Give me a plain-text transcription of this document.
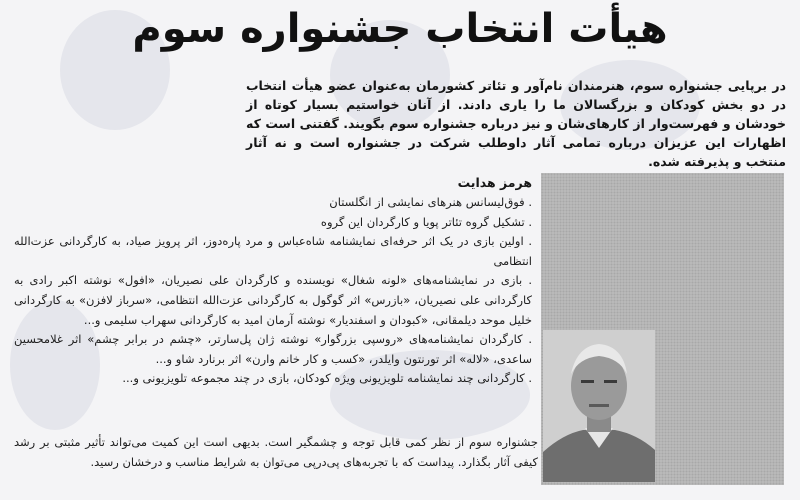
هیأت انتخاب جشنواره سوم
در برپایی جشنواره سوم، هنرمندان نام‌آور و تئاتر کشورمان به‌عنوان عضو هیأت انتخاب در دو بخش کودکان و بزرگسالان ما را یاری دادند. از آنان خواستیم بسیار کوتاه از خودشان و فهرست‌وار از کارهای‌شان و نیز درباره جشنواره سوم بگویند. گفتنی است که اظهارات این عزیزان درباره تمامی آثار داوطلب شرکت در جشنواره است و نه آثار منتخب و پذیرفته شده.
هرمز هدایت
. فوق‌لیسانس هنرهای نمایشی از انگلستان
. تشکیل گروه تئاتر پویا و کارگردان این گروه
. اولین بازی در یک اثر حرفه‌ای نمایشنامه شاه‌عباس و مرد پاره‌دوز، اثر پرویز صیاد، به کارگردانی عزت‌الله انتظامی
. بازی در نمایشنامه‌های «لونه شغال» نویسنده و کارگردان علی نصیریان، «افول» نوشته اکبر رادی به کارگردانی علی نصیریان، «بازرس» اثر گوگول به کارگردانی عزت‌الله انتظامی، «سرباز لافزن» به کارگردانی خلیل موحد دیلمقانی، «کبودان و اسفندیار» نوشته آرمان امید به کارگردانی سهراب سلیمی و...
. کارگردان نمایشنامه‌های «روسپی بزرگوار» نوشته ژان پل‌سارتر، «چشم در برابر چشم» اثر غلامحسین ساعدی، «لاله» اثر تورنتون وایلدر، «کسب و کار خانم وارن» اثر برنارد شاو و...
. کارگردانی چند نمایشنامه تلویزیونی ویژه کودکان، بازی در چند مجموعه تلویزیونی و...
جشنواره سوم از نظر کمی قابل توجه و چشمگیر است. بدیهی است این کمیت می‌تواند تأثیر مثبتی بر رشد کیفی آثار بگذارد. پیداست که با تجربه‌های پی‌درپی می‌توان به شرایط مناسب و درخشان رسید.
